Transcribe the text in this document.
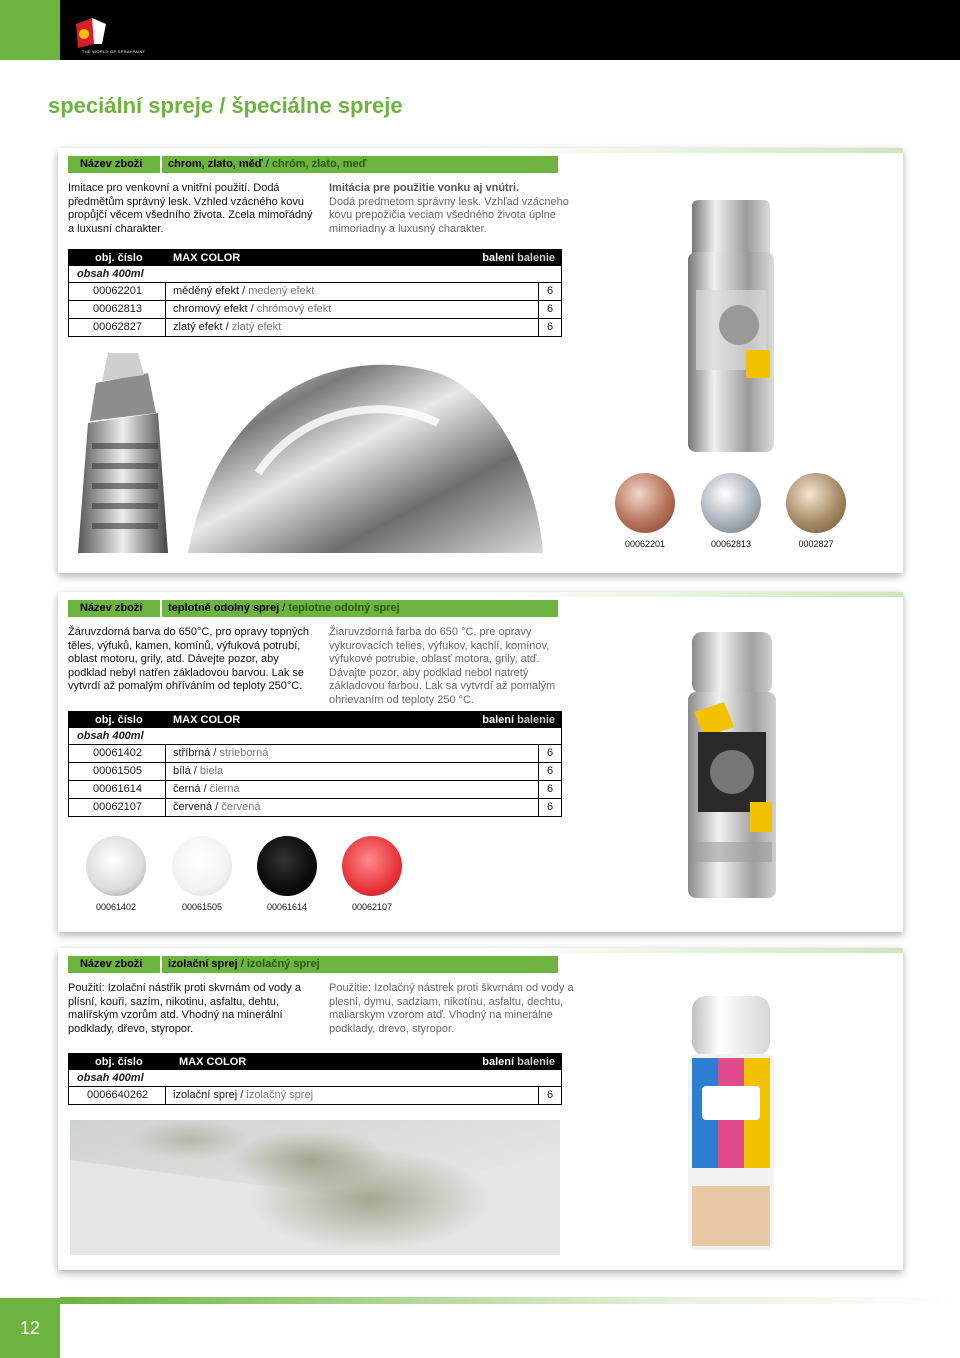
THE WORLD OF SPRAYPAINT
speciální spreje / špeciálne spreje
Název zboží chrom, zlato, měď / chróm, zlato, meď
Imitace pro venkovní a vnitřní použití. Dodá předmětům správný lesk. Vzhled vzácného kovu propůjčí věcem všedního života. Zcela mimořádný a luxusní charakter.
Imitácia pre použitie vonku aj vnútri.
Dodá predmetom správny lesk. Vzhľad vzácneho kovu prepožičia veciam všedného života úplne mimoriadny a luxusný charakter.
obj. číslo	MAX COLOR	balení balenie
obsah 400ml
00062201	měděný efekt / medený efekt	6
00062813	chromový efekt / chrómový efekt	6
00062827	zlatý efekt / zlatý efekt	6
00062201	00062813	0002827
Název zboží teplotně odolný sprej / teplotne odolný sprej
Žáruvzdorná barva do 650°C, pro opravy topných těles, výfuků, kamen, komínů, výfuková potrubí, oblast motoru, grily, atd. Dávejte pozor, aby podklad nebyl natřen základovou barvou. Lak se vytvrdí až pomalým ohříváním od teploty 250°C.
Žiaruvzdorná farba do 650 °C, pre opravy vykurovacích telies, výfukov, kachlí, komínov, výfukové potrubie, oblasť motora, grily, atď. Dávajte pozor, aby podklad nebol natretý základovou farbou. Lak sa vytvrdí až pomalým ohrievaním od teploty 250 °C.
obj. číslo	MAX COLOR	balení balenie
obsah 400ml
00061402	stříbrná / strieborná	6
00061505	bílá / biela	6
00061614	černá / čierna	6
00062107	červená / červená	6
00061402	00061505	00061614	00062107
Název zboží izolační sprej / izolačný sprej
Použití: Izolační nástřik proti skvrnám od vody a plísní, kouři, sazím, nikotinu, asfaltu, dehtu, malířským vzorům atd. Vhodný na minerální podklady, dřevo, styropor.
Použitie: Izolačný nástrek proti škvrnám od vody a plesni, dymu, sadziam, nikotínu, asfaltu, dechtu, maliarskym vzorom atď. Vhodný na minerálne podklady, drevo, styropor.
obj. číslo	MAX COLOR	balení balenie
obsah 400ml
0006640262 izolační sprej / izolačný sprej	6
12
